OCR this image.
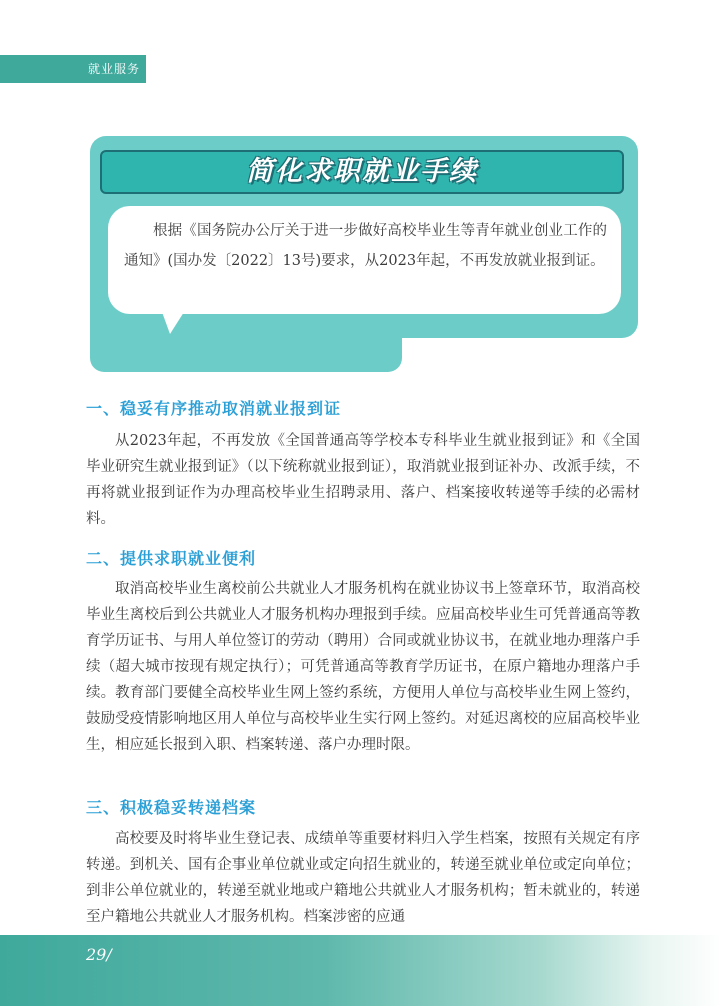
就业服务
简化求职就业手续

根据《国务院办公厅关于进一步做好高校毕业生等青年就业创业工作的通知》(国办发〔2022〕13号)要求，从2023年起，不再发放就业报到证。

一、稳妥有序推动取消就业报到证
从2023年起，不再发放《全国普通高等学校本专科毕业生就业报到证》和《全国毕业研究生就业报到证》（以下统称就业报到证），取消就业报到证补办、改派手续，不再将就业报到证作为办理高校毕业生招聘录用、落户、档案接收转递等手续的必需材料。
二、提供求职就业便利
取消高校毕业生离校前公共就业人才服务机构在就业协议书上签章环节，取消高校毕业生离校后到公共就业人才服务机构办理报到手续。应届高校毕业生可凭普通高等教育学历证书、与用人单位签订的劳动（聘用）合同或就业协议书，在就业地办理落户手续（超大城市按现有规定执行）；可凭普通高等教育学历证书，在原户籍地办理落户手续。教育部门要健全高校毕业生网上签约系统，方便用人单位与高校毕业生网上签约，鼓励受疫情影响地区用人单位与高校毕业生实行网上签约。对延迟离校的应届高校毕业生，相应延长报到入职、档案转递、落户办理时限。
三、积极稳妥转递档案
高校要及时将毕业生登记表、成绩单等重要材料归入学生档案，按照有关规定有序转递。到机关、国有企事业单位就业或定向招生就业的，转递至就业单位或定向单位；到非公单位就业的，转递至就业地或户籍地公共就业人才服务机构；暂未就业的，转递至户籍地公共就业人才服务机构。档案涉密的应通
29/
